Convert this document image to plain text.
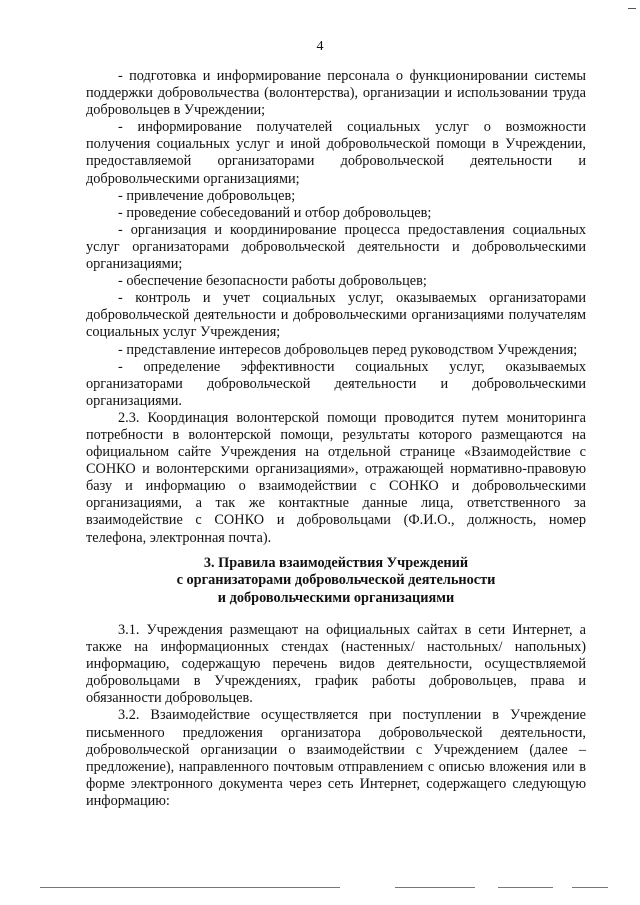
4

- подготовка и информирование персонала о функционировании системы поддержки добровольчества (волонтерства), организации и использовании труда добровольцев в Учреждении;

- информирование получателей социальных услуг о возможности получения социальных услуг и иной добровольческой помощи в Учреждении, предоставляемой организаторами добровольческой деятельности и добровольческими организациями;

- привлечение добровольцев;

- проведение собеседований и отбор добровольцев;

- организация и координирование процесса предоставления социальных услуг организаторами добровольческой деятельности и добровольческими организациями;

- обеспечение безопасности работы добровольцев;

- контроль и учет социальных услуг, оказываемых организаторами добровольческой деятельности и добровольческими организациями получателям социальных услуг Учреждения;

- представление интересов добровольцев перед руководством Учреждения;

- определение эффективности социальных услуг, оказываемых организаторами добровольческой деятельности и добровольческими организациями.

2.3. Координация волонтерской помощи проводится путем мониторинга потребности в волонтерской помощи, результаты которого размещаются на официальном сайте Учреждения на отдельной странице «Взаимодействие с СОНКО и волонтерскими организациями», отражающей нормативно-правовую базу и информацию о взаимодействии с СОНКО и добровольческими организациями, а так же контактные данные лица, ответственного за взаимодействие с СОНКО и добровольцами (Ф.И.О., должность, номер телефона, электронная почта).

3. Правила взаимодействия Учреждений
с организаторами добровольческой деятельности
и добровольческими организациями

3.1. Учреждения размещают на официальных сайтах в сети Интернет, а также на информационных стендах (настенных/ настольных/ напольных) информацию, содержащую перечень видов деятельности, осуществляемой добровольцами в Учреждениях, график работы добровольцев, права и обязанности добровольцев.

3.2. Взаимодействие осуществляется при поступлении в Учреждение письменного предложения организатора добровольческой деятельности, добровольческой организации о взаимодействии с Учреждением (далее – предложение), направленного почтовым отправлением с описью вложения или в форме электронного документа через сеть Интернет, содержащего следующую информацию:
